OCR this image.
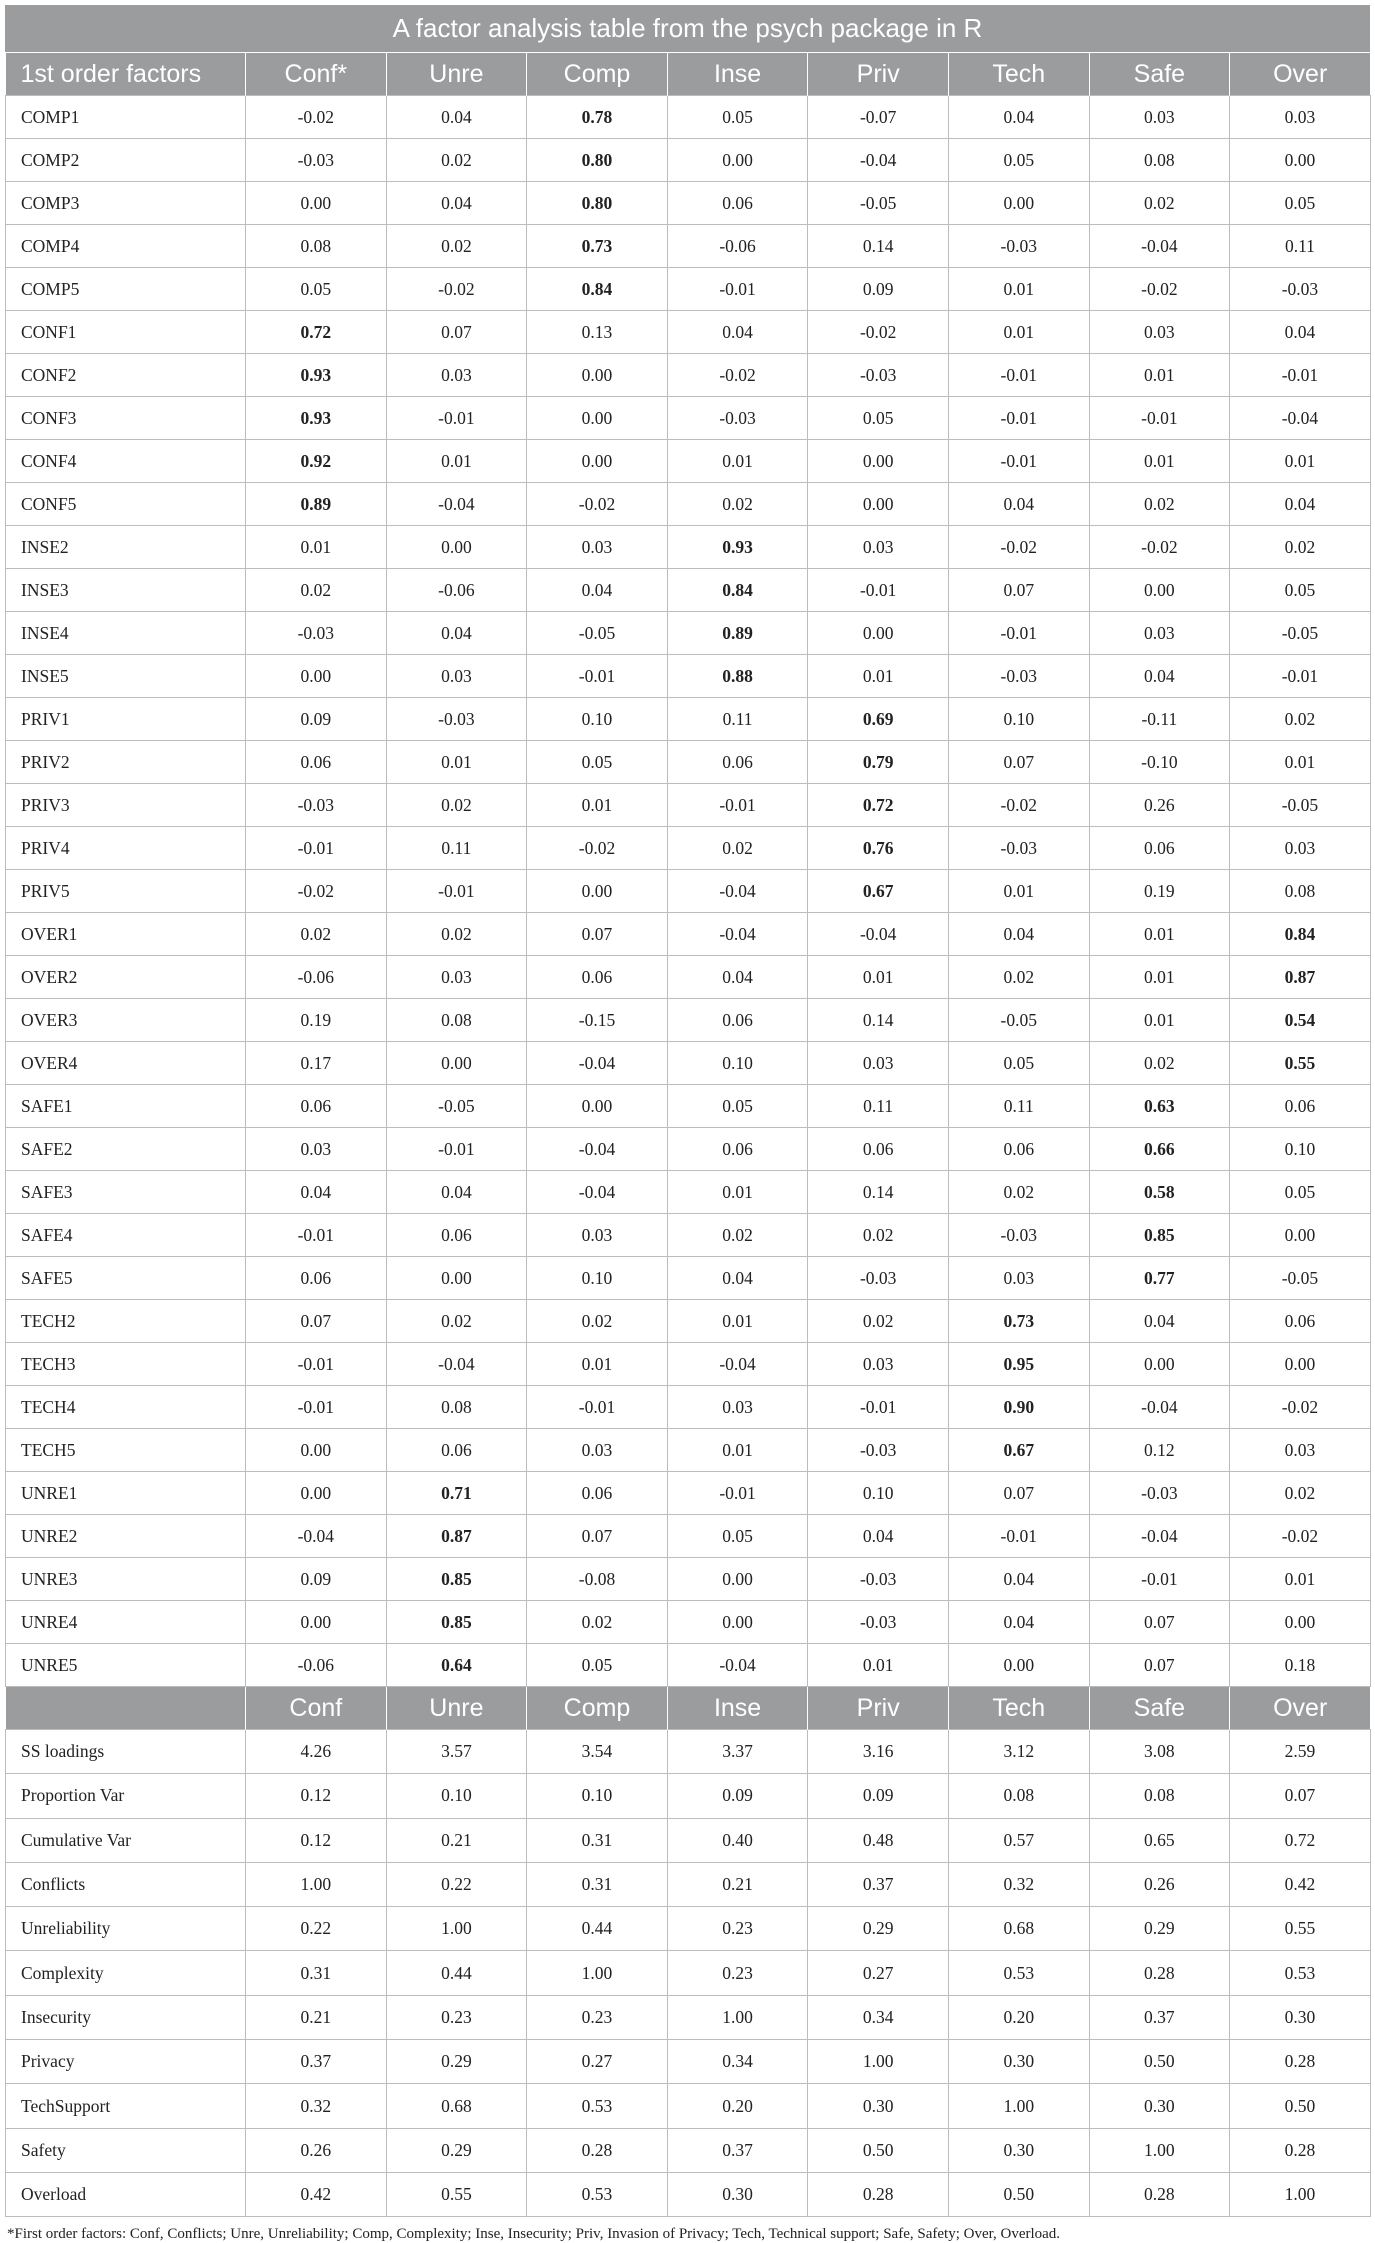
A factor analysis table from the psych package in R
1st order factors	Conf*	Unre	Comp	Inse	Priv	Tech	Safe	Over
COMP1	-0.02	0.04	0.78	0.05	-0.07	0.04	0.03	0.03
COMP2	-0.03	0.02	0.80	0.00	-0.04	0.05	0.08	0.00
COMP3	0.00	0.04	0.80	0.06	-0.05	0.00	0.02	0.05
COMP4	0.08	0.02	0.73	-0.06	0.14	-0.03	-0.04	0.11
COMP5	0.05	-0.02	0.84	-0.01	0.09	0.01	-0.02	-0.03
CONF1	0.72	0.07	0.13	0.04	-0.02	0.01	0.03	0.04
CONF2	0.93	0.03	0.00	-0.02	-0.03	-0.01	0.01	-0.01
CONF3	0.93	-0.01	0.00	-0.03	0.05	-0.01	-0.01	-0.04
CONF4	0.92	0.01	0.00	0.01	0.00	-0.01	0.01	0.01
CONF5	0.89	-0.04	-0.02	0.02	0.00	0.04	0.02	0.04
INSE2	0.01	0.00	0.03	0.93	0.03	-0.02	-0.02	0.02
INSE3	0.02	-0.06	0.04	0.84	-0.01	0.07	0.00	0.05
INSE4	-0.03	0.04	-0.05	0.89	0.00	-0.01	0.03	-0.05
INSE5	0.00	0.03	-0.01	0.88	0.01	-0.03	0.04	-0.01
PRIV1	0.09	-0.03	0.10	0.11	0.69	0.10	-0.11	0.02
PRIV2	0.06	0.01	0.05	0.06	0.79	0.07	-0.10	0.01
PRIV3	-0.03	0.02	0.01	-0.01	0.72	-0.02	0.26	-0.05
PRIV4	-0.01	0.11	-0.02	0.02	0.76	-0.03	0.06	0.03
PRIV5	-0.02	-0.01	0.00	-0.04	0.67	0.01	0.19	0.08
OVER1	0.02	0.02	0.07	-0.04	-0.04	0.04	0.01	0.84
OVER2	-0.06	0.03	0.06	0.04	0.01	0.02	0.01	0.87
OVER3	0.19	0.08	-0.15	0.06	0.14	-0.05	0.01	0.54
OVER4	0.17	0.00	-0.04	0.10	0.03	0.05	0.02	0.55
SAFE1	0.06	-0.05	0.00	0.05	0.11	0.11	0.63	0.06
SAFE2	0.03	-0.01	-0.04	0.06	0.06	0.06	0.66	0.10
SAFE3	0.04	0.04	-0.04	0.01	0.14	0.02	0.58	0.05
SAFE4	-0.01	0.06	0.03	0.02	0.02	-0.03	0.85	0.00
SAFE5	0.06	0.00	0.10	0.04	-0.03	0.03	0.77	-0.05
TECH2	0.07	0.02	0.02	0.01	0.02	0.73	0.04	0.06
TECH3	-0.01	-0.04	0.01	-0.04	0.03	0.95	0.00	0.00
TECH4	-0.01	0.08	-0.01	0.03	-0.01	0.90	-0.04	-0.02
TECH5	0.00	0.06	0.03	0.01	-0.03	0.67	0.12	0.03
UNRE1	0.00	0.71	0.06	-0.01	0.10	0.07	-0.03	0.02
UNRE2	-0.04	0.87	0.07	0.05	0.04	-0.01	-0.04	-0.02
UNRE3	0.09	0.85	-0.08	0.00	-0.03	0.04	-0.01	0.01
UNRE4	0.00	0.85	0.02	0.00	-0.03	0.04	0.07	0.00
UNRE5	-0.06	0.64	0.05	-0.04	0.01	0.00	0.07	0.18
	Conf	Unre	Comp	Inse	Priv	Tech	Safe	Over
SS loadings	4.26	3.57	3.54	3.37	3.16	3.12	3.08	2.59
Proportion Var	0.12	0.10	0.10	0.09	0.09	0.08	0.08	0.07
Cumulative Var	0.12	0.21	0.31	0.40	0.48	0.57	0.65	0.72
Conflicts	1.00	0.22	0.31	0.21	0.37	0.32	0.26	0.42
Unreliability	0.22	1.00	0.44	0.23	0.29	0.68	0.29	0.55
Complexity	0.31	0.44	1.00	0.23	0.27	0.53	0.28	0.53
Insecurity	0.21	0.23	0.23	1.00	0.34	0.20	0.37	0.30
Privacy	0.37	0.29	0.27	0.34	1.00	0.30	0.50	0.28
TechSupport	0.32	0.68	0.53	0.20	0.30	1.00	0.30	0.50
Safety	0.26	0.29	0.28	0.37	0.50	0.30	1.00	0.28
Overload	0.42	0.55	0.53	0.30	0.28	0.50	0.28	1.00
*First order factors: Conf, Conflicts; Unre, Unreliability; Comp, Complexity; Inse, Insecurity; Priv, Invasion of Privacy; Tech, Technical support; Safe, Safety; Over, Overload.
